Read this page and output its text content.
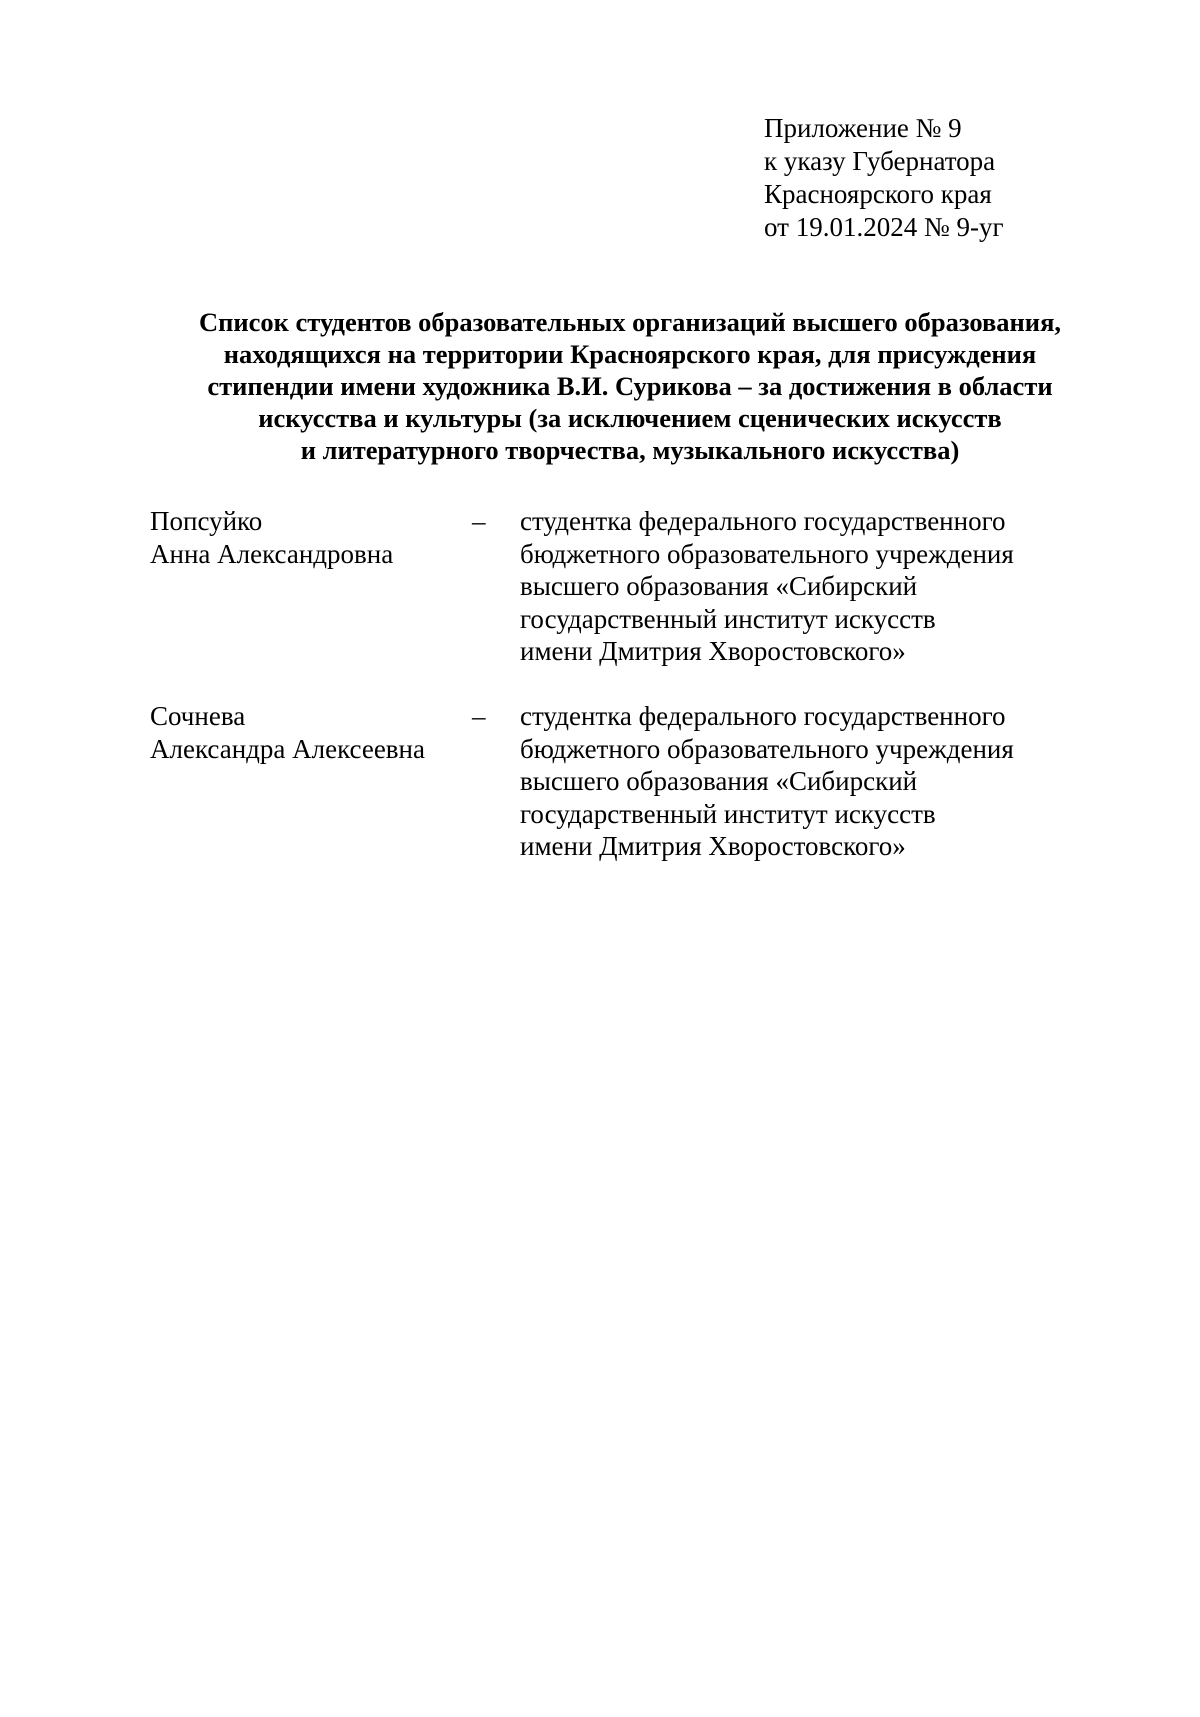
Приложение № 9
к указу Губернатора
Красноярского края
от 19.01.2024 № 9-уг
Список студентов образовательных организаций высшего образования,
находящихся на территории Красноярского края, для присуждения
стипендии имени художника В.И. Сурикова – за достижения в области
искусства и культуры (за исключением сценических искусств
и литературного творчества, музыкального искусства)
Попсуйко
Анна Александровна
– студентка федерального государственного
бюджетного образовательного учреждения
высшего образования «Сибирский
государственный институт искусств
имени Дмитрия Хворостовского»
Сочнева
Александра Алексеевна
– студентка федерального государственного
бюджетного образовательного учреждения
высшего образования «Сибирский
государственный институт искусств
имени Дмитрия Хворостовского»
